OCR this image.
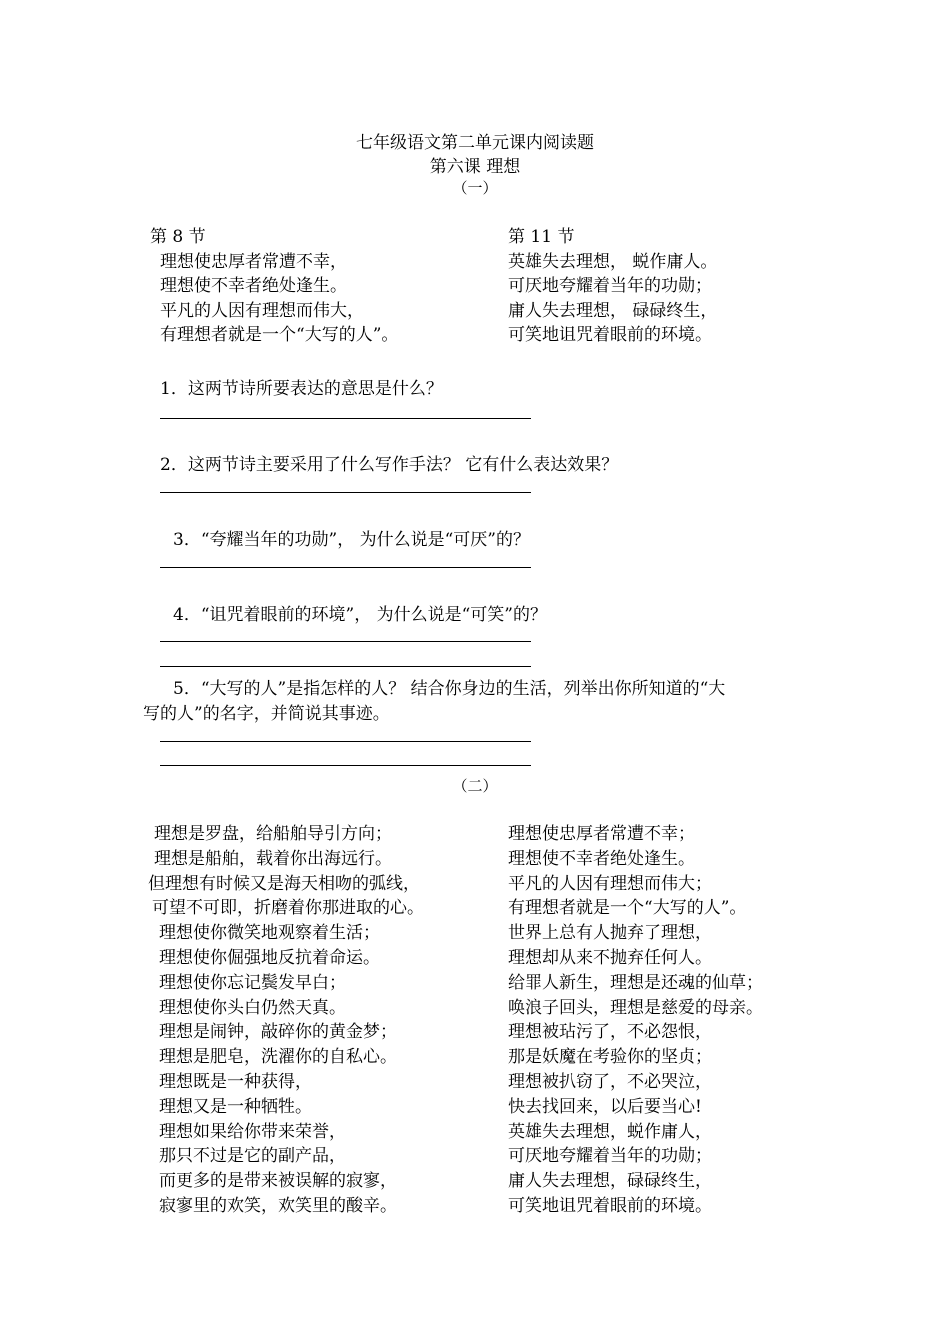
七年级语文第二单元课内阅读题
第六课 理想
（一）
第 8 节
理想使忠厚者常遭不幸，
理想使不幸者绝处逢生。
平凡的人因有理想而伟大，
有理想者就是一个“大写的人”。
第 11 节
英雄失去理想， 蜕作庸人。
可厌地夸耀着当年的功勋；
庸人失去理想， 碌碌终生，
可笑地诅咒着眼前的环境。
1．这两节诗所要表达的意思是什么？
2．这两节诗主要采用了什么写作手法？ 它有什么表达效果？
3．“夸耀当年的功勋”， 为什么说是“可厌”的？
4．“诅咒着眼前的环境”， 为什么说是“可笑”的？
5．“大写的人”是指怎样的人？ 结合你身边的生活，列举出你所知道的“大
写的人”的名字，并简说其事迹。
（二）
理想是罗盘，给船舶导引方向；
理想是船舶，载着你出海远行。
但理想有时候又是海天相吻的弧线，
可望不可即，折磨着你那进取的心。
理想使你微笑地观察着生活；
理想使你倔强地反抗着命运。
理想使你忘记鬓发早白；
理想使你头白仍然天真。
理想是闹钟，敲碎你的黄金梦；
理想是肥皂，洗濯你的自私心。
理想既是一种获得，
理想又是一种牺牲。
理想如果给你带来荣誉，
那只不过是它的副产品，
而更多的是带来被误解的寂寥，
寂寥里的欢笑，欢笑里的酸辛。
理想使忠厚者常遭不幸；
理想使不幸者绝处逢生。
平凡的人因有理想而伟大；
有理想者就是一个“大写的人”。
世界上总有人抛弃了理想，
理想却从来不抛弃任何人。
给罪人新生，理想是还魂的仙草；
唤浪子回头，理想是慈爱的母亲。
理想被玷污了，不必怨恨，
那是妖魔在考验你的坚贞；
理想被扒窃了，不必哭泣，
快去找回来，以后要当心!
英雄失去理想，蜕作庸人，
可厌地夸耀着当年的功勋；
庸人失去理想，碌碌终生，
可笑地诅咒着眼前的环境。
